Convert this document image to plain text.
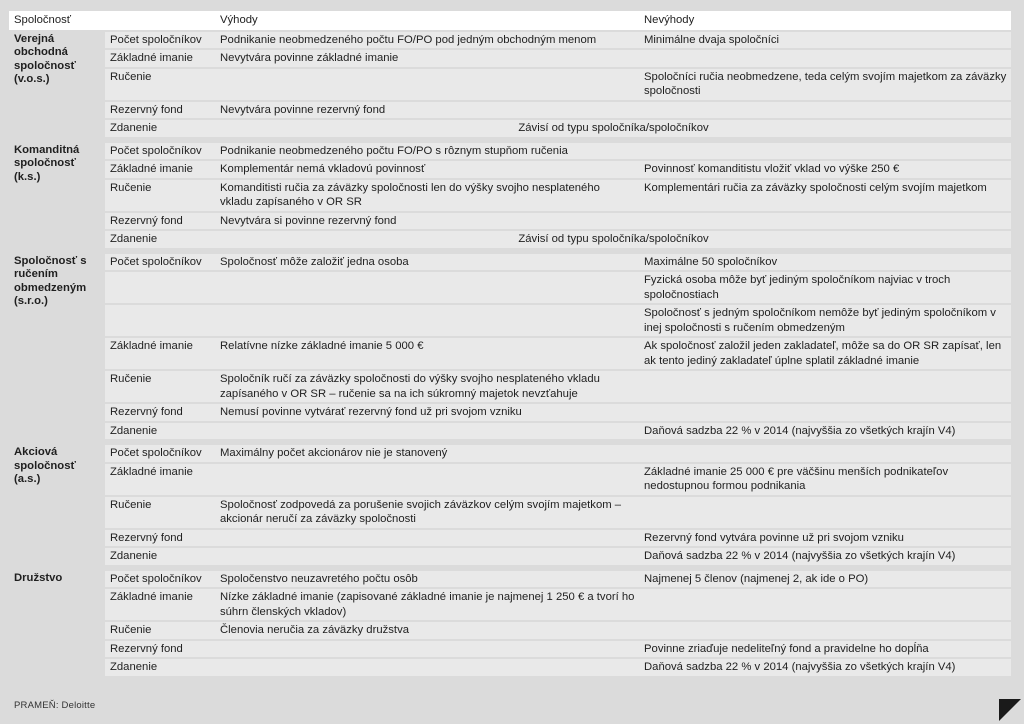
Spoločnosť		Výhody	Nevýhody
Verejná obchodná spoločnosť (v.o.s.)	Počet spoločníkov	Podnikanie neobmedzeného počtu FO/PO pod jedným obchodným menom	Minimálne dvaja spoločníci
	Základné imanie	Nevytvára povinne základné imanie	
	Ručenie		Spoločníci ručia neobmedzene, teda celým svojím majetkom za záväzky spoločnosti
	Rezervný fond	Nevytvára povinne rezervný fond	
	Zdanenie	Závisí od typu spoločníka/spoločníkov	

Komanditná spoločnosť (k.s.)	Počet spoločníkov	Podnikanie neobmedzeného počtu FO/PO s rôznym stupňom ručenia	
	Základné imanie	Komplementár nemá vkladovú povinnosť	Povinnosť komanditistu vložiť vklad vo výške 250 €
	Ručenie	Komanditisti ručia za záväzky spoločnosti len do výšky svojho nesplateného vkladu zapísaného v OR SR	Komplementári ručia za záväzky spoločnosti celým svojím majetkom
	Rezervný fond	Nevytvára si povinne rezervný fond	
	Zdanenie	Závisí od typu spoločníka/spoločníkov	

Spoločnosť s ručením obmedzeným (s.r.o.)	Počet spoločníkov	Spoločnosť môže založiť jedna osoba	Maximálne 50 spoločníkov
			Fyzická osoba môže byť jediným spoločníkom najviac v troch spoločnostiach
			Spoločnosť s jedným spoločníkom nemôže byť jediným spoločníkom v inej spoločnosti s ručením obmedzeným
	Základné imanie	Relatívne nízke základné imanie 5 000 €	Ak spoločnosť založil jeden zakladateľ, môže sa do OR SR zapísať, len ak tento jediný zakladateľ úplne splatil základné imanie
	Ručenie	Spoločník ručí za záväzky spoločnosti do výšky svojho nesplateného vkladu zapísaného v OR SR – ručenie sa na ich súkromný majetok nevzťahuje	
	Rezervný fond	Nemusí povinne vytvárať rezervný fond už pri svojom vzniku	
	Zdanenie		Daňová sadzba 22 % v 2014 (najvyššia zo všetkých krajín V4)

Akciová spoločnosť (a.s.)	Počet spoločníkov	Maximálny počet akcionárov nie je stanovený	
	Základné imanie		Základné imanie 25 000 € pre väčšinu menších podnikateľov nedostupnou formou podnikania
	Ručenie	Spoločnosť zodpovedá za porušenie svojich záväzkov celým svojím majetkom – akcionár neručí za záväzky spoločnosti	
	Rezervný fond		Rezervný fond vytvára povinne už pri svojom vzniku
	Zdanenie		Daňová sadzba 22 % v 2014 (najvyššia zo všetkých krajín V4)

Družstvo	Počet spoločníkov	Spoločenstvo neuzavretého počtu osôb	Najmenej 5 členov (najmenej 2, ak ide o PO)
	Základné imanie	Nízke základné imanie (zapisované základné imanie je najmenej 1 250 € a tvorí ho súhrn členských vkladov)	
	Ručenie	Členovia neručia za záväzky družstva	
	Rezervný fond		Povinne zriaďuje nedeliteľný fond a pravidelne ho dopĺňa
	Zdanenie		Daňová sadzba 22 % v 2014 (najvyššia zo všetkých krajín V4)
PRAMEŇ: Deloitte
